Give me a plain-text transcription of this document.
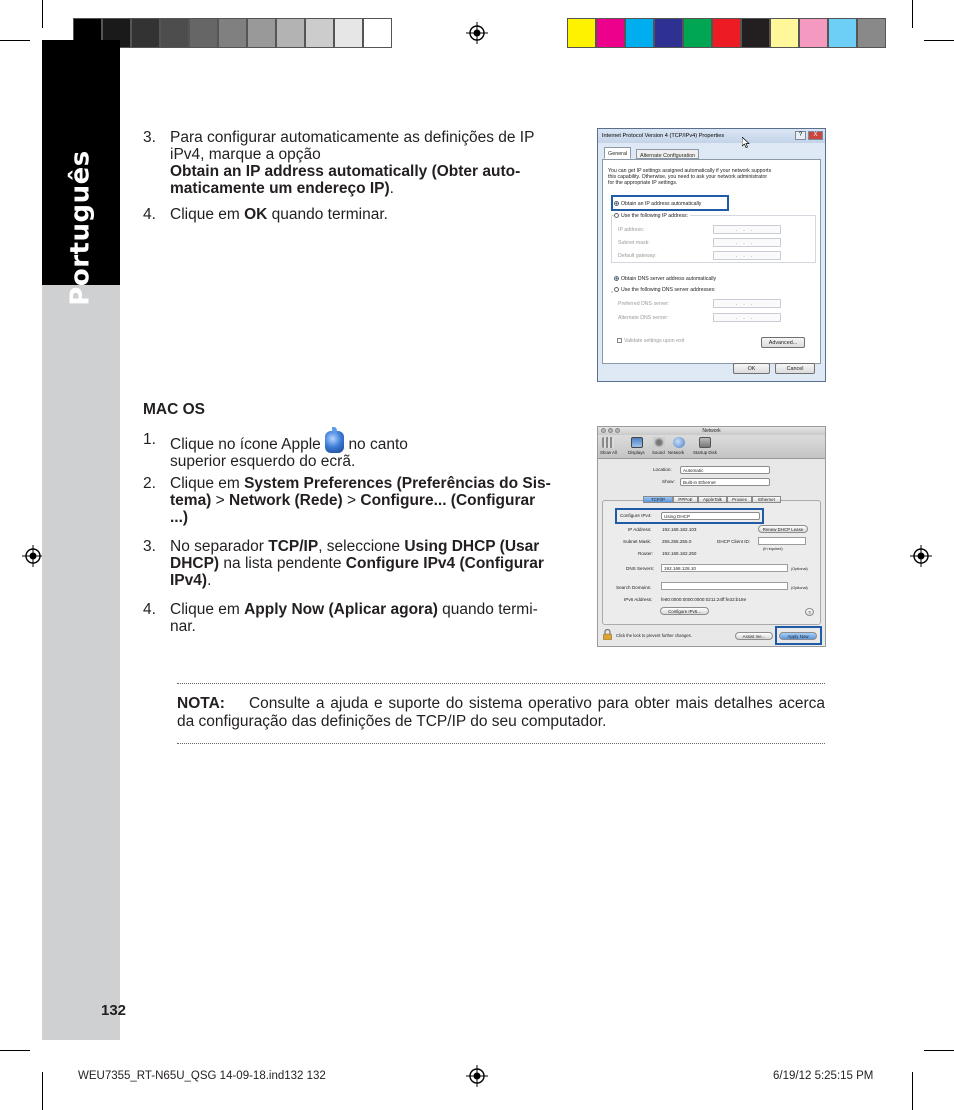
Português
3. Para configurar automaticamente as definições de IP
iPv4, marque a opção
Obtain an IP address automatically (Obter auto-
maticamente um endereço IP).
4. Clique em OK quando terminar.
Internet Protocol Version 4 (TCP/IPv4) Properties	?	X
General	Alternate Configuration
You can get IP settings assigned automatically if your network supports
this capability. Otherwise, you need to ask your network administrator
for the appropriate IP settings.
Obtain an IP address automatically
Use the following IP address:
IP address:	...
Subnet mask:	...
Default gateway:	...
Obtain DNS server address automatically
Use the following DNS server addresses:
Preferred DNS server:	...
Alternate DNS server:	...
Validate settings upon exit	Advanced...
OK	Cancel
MAC OS
1. Clique no ícone Apple no canto
superior esquerdo do ecrã.
2. Clique em System Preferences (Preferências do Sis-
tema) > Network (Rede) > Configure... (Configurar
...)
3. No separador TCP/IP, seleccione Using DHCP (Usar
DHCP) na lista pendente Configure IPv4 (Configurar
IPv4).
4. Clique em Apply Now (Aplicar agora) quando termi-
nar.
Network
Show All	Displays Sound Network Startup Disk
Location:	Automatic
Show:	Built-in Ethernet
TCP/IP	PPPoE	AppleTalk	Proxies	Ethernet
Configure IPv4:	Using DHCP
IP Address: 192.168.182.103	Renew DHCP Lease
Subnet Mask: 255.255.255.0	DHCP Client ID:
(If required)
Router: 192.168.182.250
DNS Servers:	192.168.128.10	(Optional)
Search Domains:	(Optional)
IPv6 Address: fe80:0000:0000:0000:0211:24ff:fe32:b18e
Configure IPv6...	?
Click the lock to prevent further changes.	Assist me...	Apply Now
NOTA: Consulte a ajuda e suporte do sistema operativo para obter mais detalhes acerca da configuração das definições de TCP/IP do seu computador.
132
WEU7355_RT-N65U_QSG 14-09-18.ind132 132	6/19/12 5:25:15 PM
